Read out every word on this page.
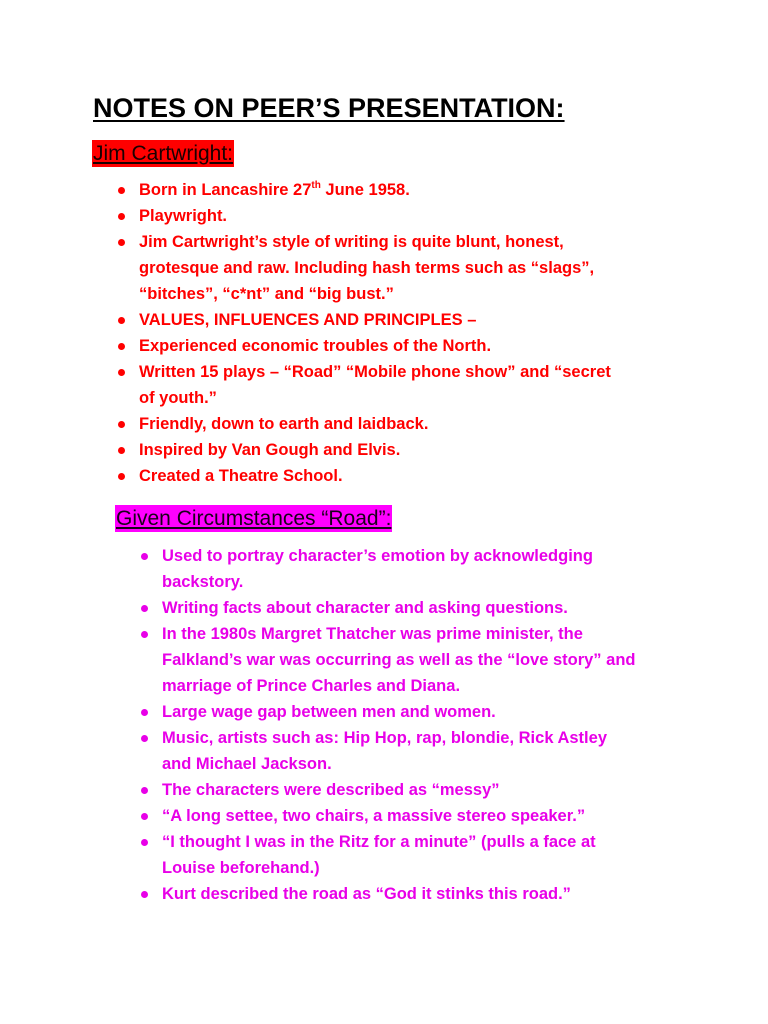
NOTES ON PEER’S PRESENTATION:
Jim Cartwright:
Born in Lancashire 27th June 1958.
Playwright.
Jim Cartwright’s style of writing is quite blunt, honest,
grotesque and raw. Including hash terms such as “slags”,
“bitches”, “c*nt” and “big bust.”
VALUES, INFLUENCES AND PRINCIPLES –
Experienced economic troubles of the North.
Written 15 plays – “Road” “Mobile phone show” and “secret
of youth.”
Friendly, down to earth and laidback.
Inspired by Van Gough and Elvis.
Created a Theatre School.
Given Circumstances “Road”:
Used to portray character’s emotion by acknowledging
backstory.
Writing facts about character and asking questions.
In the 1980s Margret Thatcher was prime minister, the
Falkland’s war was occurring as well as the “love story” and
marriage of Prince Charles and Diana.
Large wage gap between men and women.
Music, artists such as: Hip Hop, rap, blondie, Rick Astley
and Michael Jackson.
The characters were described as “messy”
“A long settee, two chairs, a massive stereo speaker.”
“I thought I was in the Ritz for a minute” (pulls a face at
Louise beforehand.)
Kurt described the road as “God it stinks this road.”
